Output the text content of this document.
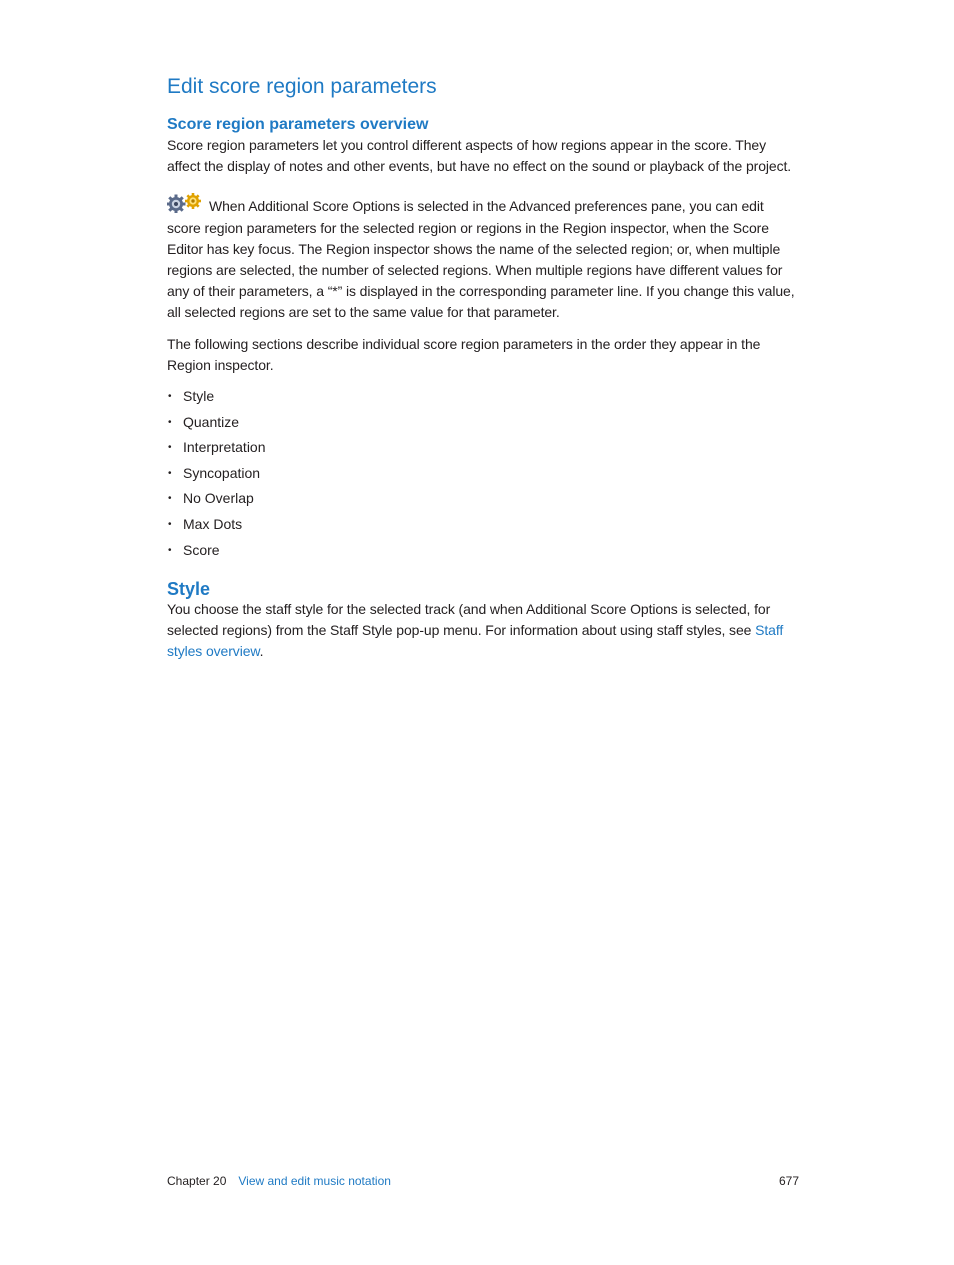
Edit score region parameters
Score region parameters overview

Score region parameters let you control different aspects of how regions appear in the score. They affect the display of notes and other events, but have no effect on the sound or playback of the project.

When Additional Score Options is selected in the Advanced preferences pane, you can edit score region parameters for the selected region or regions in the Region inspector, when the Score Editor has key focus. The Region inspector shows the name of the selected region; or, when multiple regions are selected, the number of selected regions. When multiple regions have different values for any of their parameters, a “*” is displayed in the corresponding parameter line. If you change this value, all selected regions are set to the same value for that parameter.

The following sections describe individual score region parameters in the order they appear in the Region inspector.

• Style
• Quantize
• Interpretation
• Syncopation
• No Overlap
• Max Dots
• Score
Style

You choose the staff style for the selected track (and when Additional Score Options is selected, for selected regions) from the Staff Style pop-up menu. For information about using staff styles, see Staff styles overview.

Chapter 20 View and edit music notation	677
